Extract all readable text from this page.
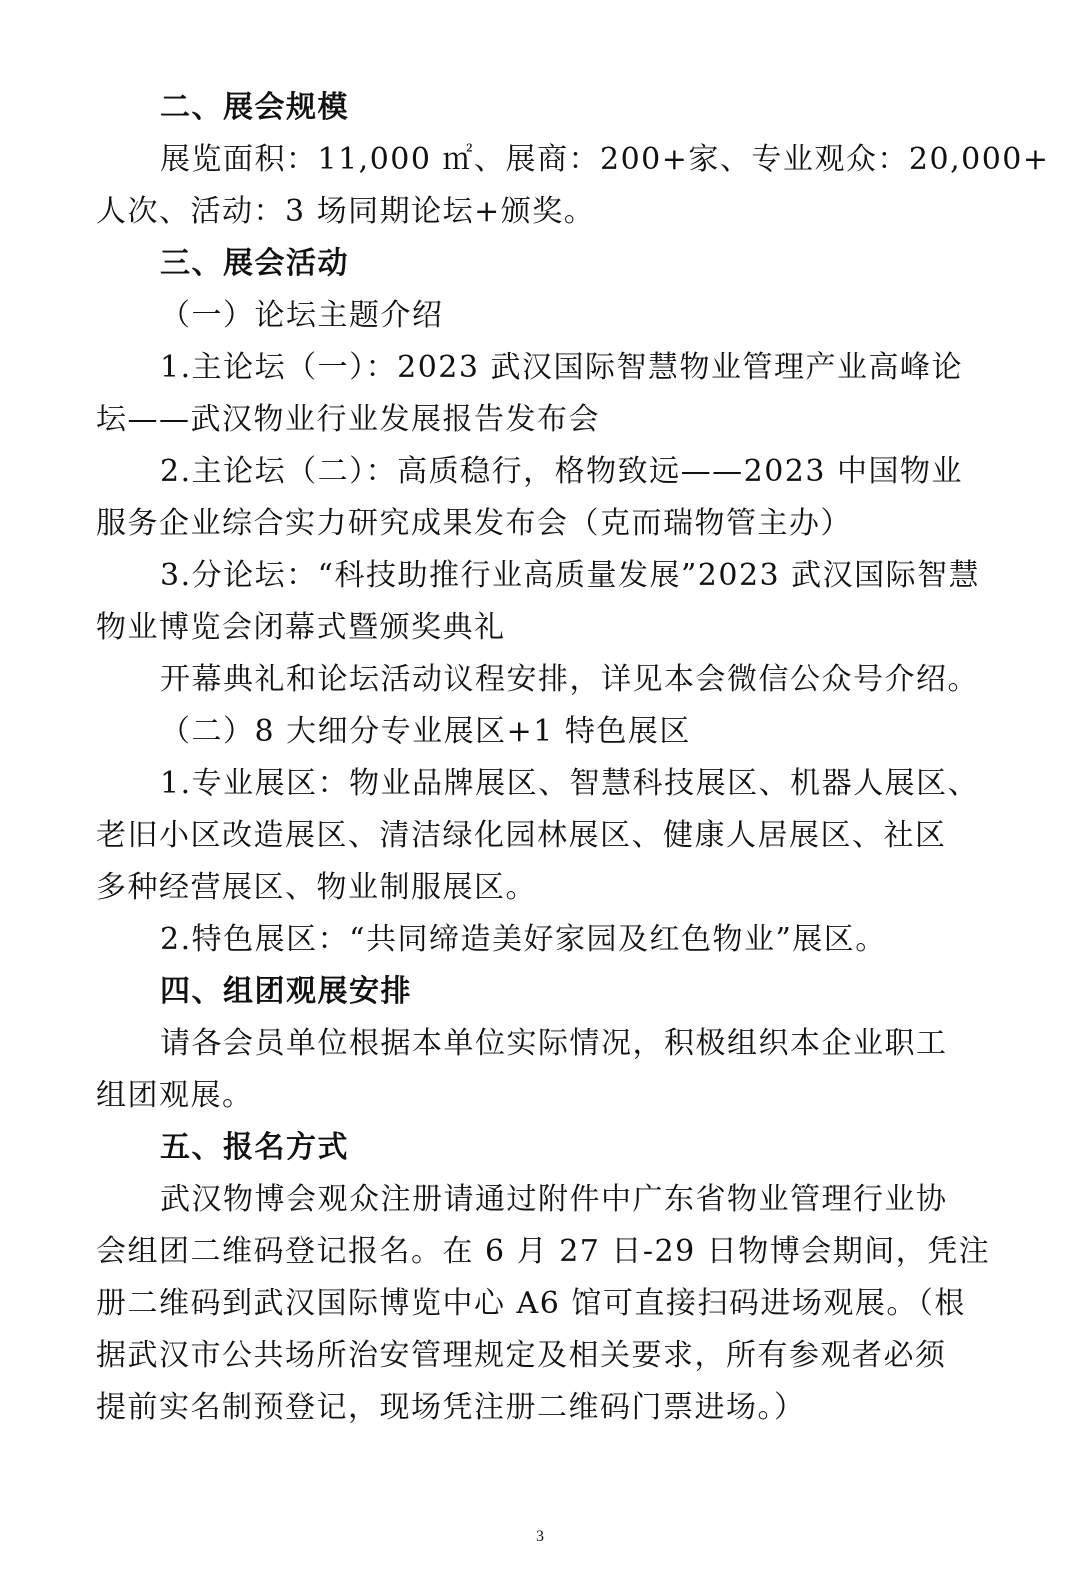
二、展会规模
展览面积：11,000 ㎡、展商：200+家、专业观众：20,000+
人次、活动：3 场同期论坛+颁奖。
三、展会活动
（一）论坛主题介绍
1.主论坛（一）：2023 武汉国际智慧物业管理产业高峰论
坛——武汉物业行业发展报告发布会
2.主论坛（二）：高质稳行，格物致远——2023 中国物业
服务企业综合实力研究成果发布会（克而瑞物管主办）
3.分论坛：“科技助推行业高质量发展”2023 武汉国际智慧
物业博览会闭幕式暨颁奖典礼
开幕典礼和论坛活动议程安排，详见本会微信公众号介绍。
（二）8 大细分专业展区+1 特色展区
1.专业展区：物业品牌展区、智慧科技展区、机器人展区、
老旧小区改造展区、清洁绿化园林展区、健康人居展区、社区
多种经营展区、物业制服展区。
2.特色展区：“共同缔造美好家园及红色物业”展区。
四、组团观展安排
请各会员单位根据本单位实际情况，积极组织本企业职工
组团观展。
五、报名方式
武汉物博会观众注册请通过附件中广东省物业管理行业协
会组团二维码登记报名。在 6 月 27 日-29 日物博会期间，凭注
册二维码到武汉国际博览中心 A6 馆可直接扫码进场观展。（根
据武汉市公共场所治安管理规定及相关要求，所有参观者必须
提前实名制预登记，现场凭注册二维码门票进场。）
3
